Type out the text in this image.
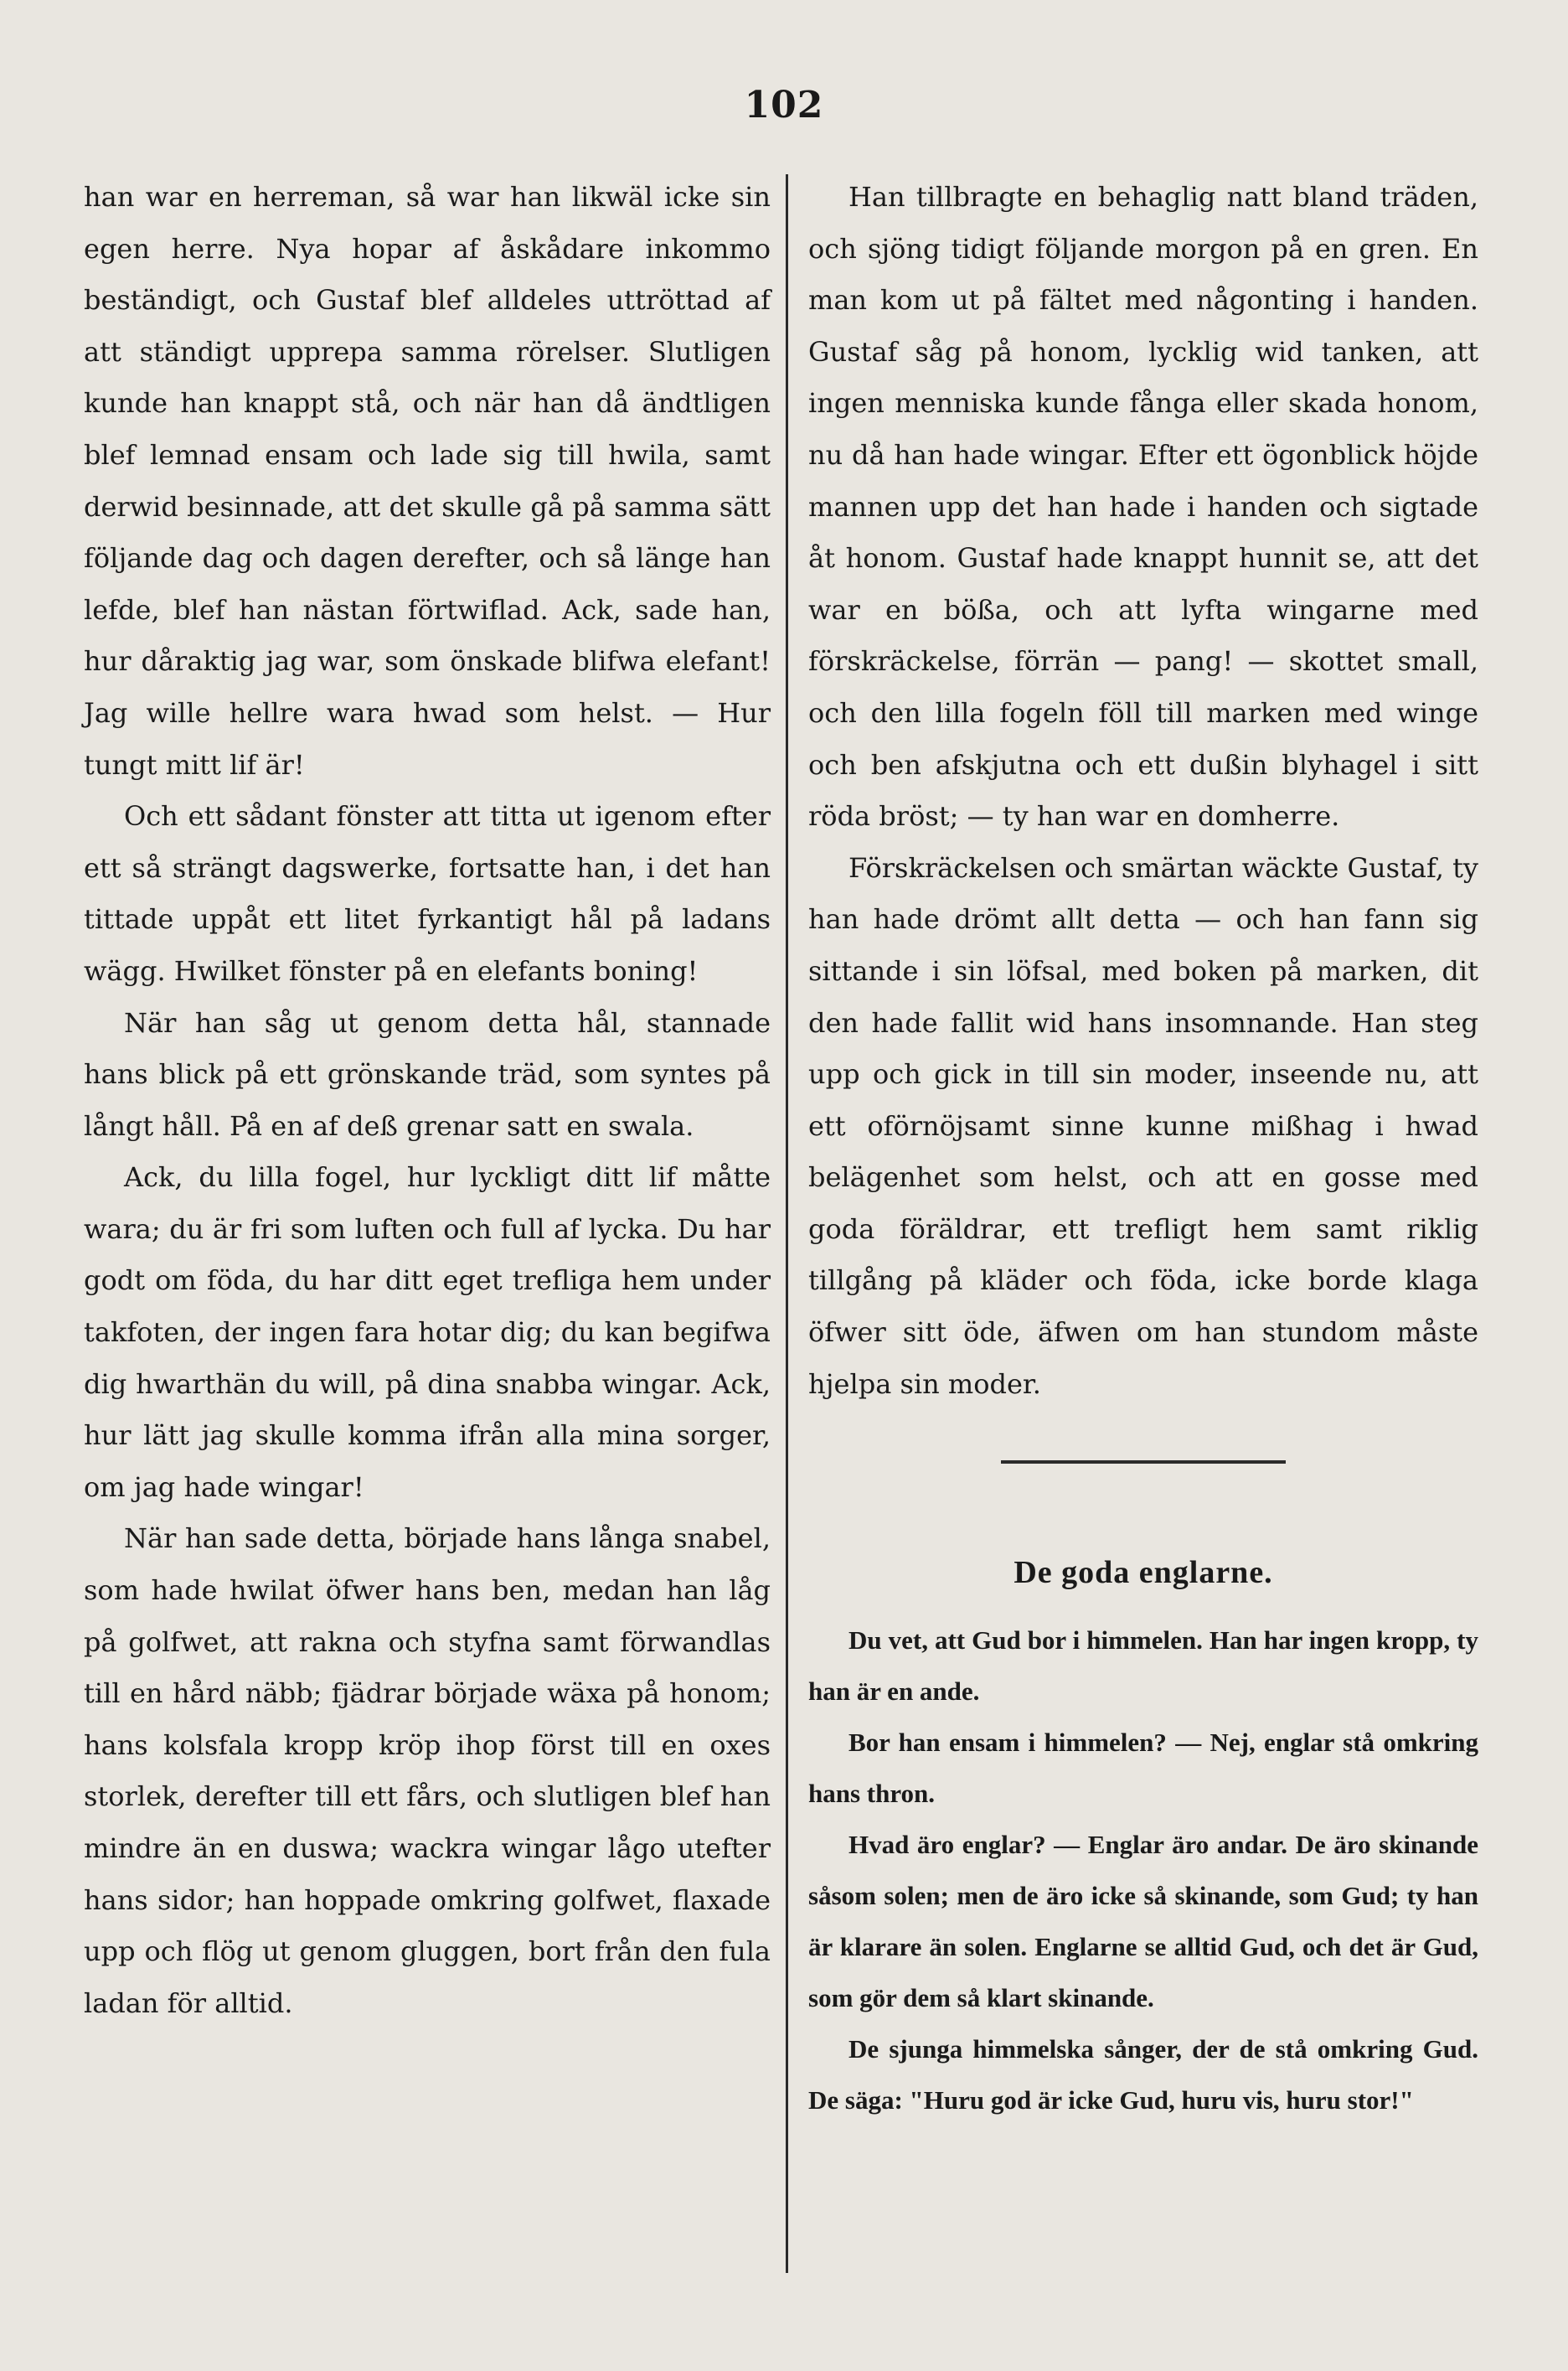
102

han war en herreman, så war han likwäl icke sin egen herre. Nya hopar af åskådare inkommo beständigt, och Gustaf blef alldeles uttröttad af att ständigt upprepa samma rörelser. Slutligen kunde han knappt stå, och när han då ändtligen blef lemnad ensam och lade sig till hwila, samt derwid besinnade, att det skulle gå på samma sätt följande dag och dagen derefter, och så länge han lefde, blef han nästan förtwiflad. Ack, sade han, hur dåraktig jag war, som önskade blifwa elefant! Jag wille hellre wara hwad som helst. — Hur tungt mitt lif är!

Och ett sådant fönster att titta ut igenom efter ett så strängt dagswerke, fortsatte han, i det han tittade uppåt ett litet fyrkantigt hål på ladans wägg. Hwilket fönster på en elefants boning!

När han såg ut genom detta hål, stannade hans blick på ett grönskande träd, som syntes på långt håll. På en af deß grenar satt en swala.

Ack, du lilla fogel, hur lyckligt ditt lif måtte wara; du är fri som luften och full af lycka. Du har godt om föda, du har ditt eget trefliga hem under takfoten, der ingen fara hotar dig; du kan begifwa dig hwarthän du will, på dina snabba wingar. Ack, hur lätt jag skulle komma ifrån alla mina sorger, om jag hade wingar!

När han sade detta, började hans långa snabel, som hade hwilat öfwer hans ben, medan han låg på golfwet, att rakna och styfna samt förwandlas till en hård näbb; fjädrar började wäxa på honom; hans kolsfala kropp kröp ihop först till en oxes storlek, derefter till ett fårs, och slutligen blef han mindre än en duswa; wackra wingar lågo utefter hans sidor; han hoppade omkring golfwet, flaxade upp och flög ut genom gluggen, bort från den fula ladan för alltid.

Han tillbragte en behaglig natt bland träden, och sjöng tidigt följande morgon på en gren. En man kom ut på fältet med någonting i handen. Gustaf såg på honom, lycklig wid tanken, att ingen menniska kunde fånga eller skada honom, nu då han hade wingar. Efter ett ögonblick höjde mannen upp det han hade i handen och sigtade åt honom. Gustaf hade knappt hunnit se, att det war en bößa, och att lyfta wingarne med förskräckelse, förrän — pang! — skottet small, och den lilla fogeln föll till marken med winge och ben afskjutna och ett dußin blyhagel i sitt röda bröst; — ty han war en domherre.

Förskräckelsen och smärtan wäckte Gustaf, ty han hade drömt allt detta — och han fann sig sittande i sin löfsal, med boken på marken, dit den hade fallit wid hans insomnande. Han steg upp och gick in till sin moder, inseende nu, att ett oförnöjsamt sinne kunne mißhag i hwad belägenhet som helst, och att en gosse med goda föräldrar, ett trefligt hem samt riklig tillgång på kläder och föda, icke borde klaga öfwer sitt öde, äfwen om han stundom måste hjelpa sin moder.

De goda englarne.

Du vet, att Gud bor i himmelen. Han har ingen kropp, ty han är en ande.

Bor han ensam i himmelen? — Nej, englar stå omkring hans thron.

Hvad äro englar? — Englar äro andar. De äro skinande såsom solen; men de äro icke så skinande, som Gud; ty han är klarare än solen. Englarne se alltid Gud, och det är Gud, som gör dem så klart skinande.

De sjunga himmelska sånger, der de stå omkring Gud. De säga: "Huru god är icke Gud, huru vis, huru stor!"
